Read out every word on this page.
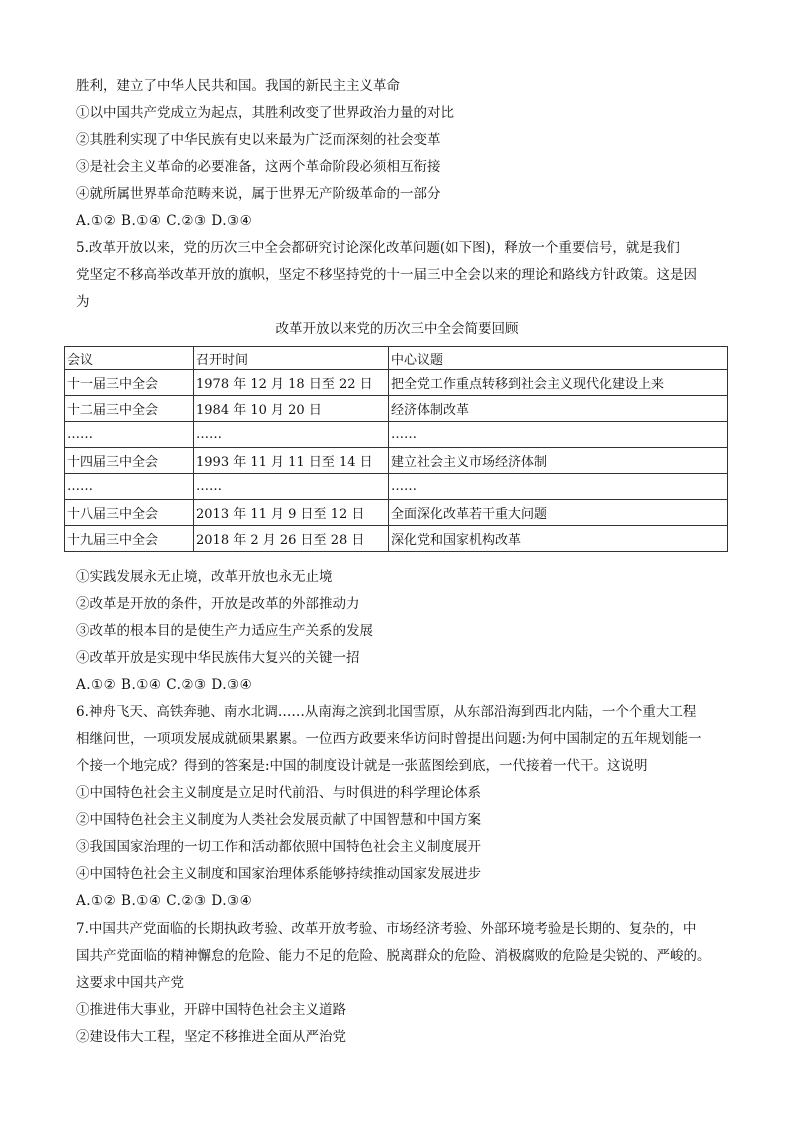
胜利，建立了中华人民共和国。我国的新民主主义革命
①以中国共产党成立为起点，其胜利改变了世界政治力量的对比
②其胜利实现了中华民族有史以来最为广泛而深刻的社会变革
③是社会主义革命的必要准备，这两个革命阶段必须相互衔接
④就所属世界革命范畴来说，属于世界无产阶级革命的一部分
A.①② B.①④ C.②③ D.③④
5.改革开放以来，党的历次三中全会都研究讨论深化改革问题(如下图)，释放一个重要信号，就是我们
党坚定不移高举改革开放的旗帜，坚定不移坚持党的十一届三中全会以来的理论和路线方针政策。这是因
为
改革开放以来党的历次三中全会简要回顾
会议	召开时间	中心议题
十一届三中全会	1978 年 12 月 18 日至 22 日	把全党工作重点转移到社会主义现代化建设上来
十二届三中全会	1984 年 10 月 20 日	经济体制改革
……	……	……
十四届三中全会	1993 年 11 月 11 日至 14 日	建立社会主义市场经济体制
……	……	……
十八届三中全会	2013 年 11 月 9 日至 12 日	全面深化改革若干重大问题
十九届三中全会	2018 年 2 月 26 日至 28 日	深化党和国家机构改革
①实践发展永无止境，改革开放也永无止境
②改革是开放的条件，开放是改革的外部推动力
③改革的根本目的是使生产力适应生产关系的发展
④改革开放是实现中华民族伟大复兴的关键一招
A.①② B.①④ C.②③ D.③④
6.神舟飞天、高铁奔驰、南水北调……从南海之滨到北国雪原，从东部沿海到西北内陆，一个个重大工程
相继问世，一项项发展成就硕果累累。一位西方政要来华访问时曾提出问题:为何中国制定的五年规划能一
个接一个地完成？得到的答案是:中国的制度设计就是一张蓝图绘到底，一代接着一代干。这说明
①中国特色社会主义制度是立足时代前沿、与时俱进的科学理论体系
②中国特色社会主义制度为人类社会发展贡献了中国智慧和中国方案
③我国国家治理的一切工作和活动都依照中国特色社会主义制度展开
④中国特色社会主义制度和国家治理体系能够持续推动国家发展进步
A.①② B.①④ C.②③ D.③④
7.中国共产党面临的长期执政考验、改革开放考验、市场经济考验、外部环境考验是长期的、复杂的，中
国共产党面临的精神懈怠的危险、能力不足的危险、脱离群众的危险、消极腐败的危险是尖锐的、严峻的。
这要求中国共产党
①推进伟大事业，开辟中国特色社会主义道路
②建设伟大工程，坚定不移推进全面从严治党
